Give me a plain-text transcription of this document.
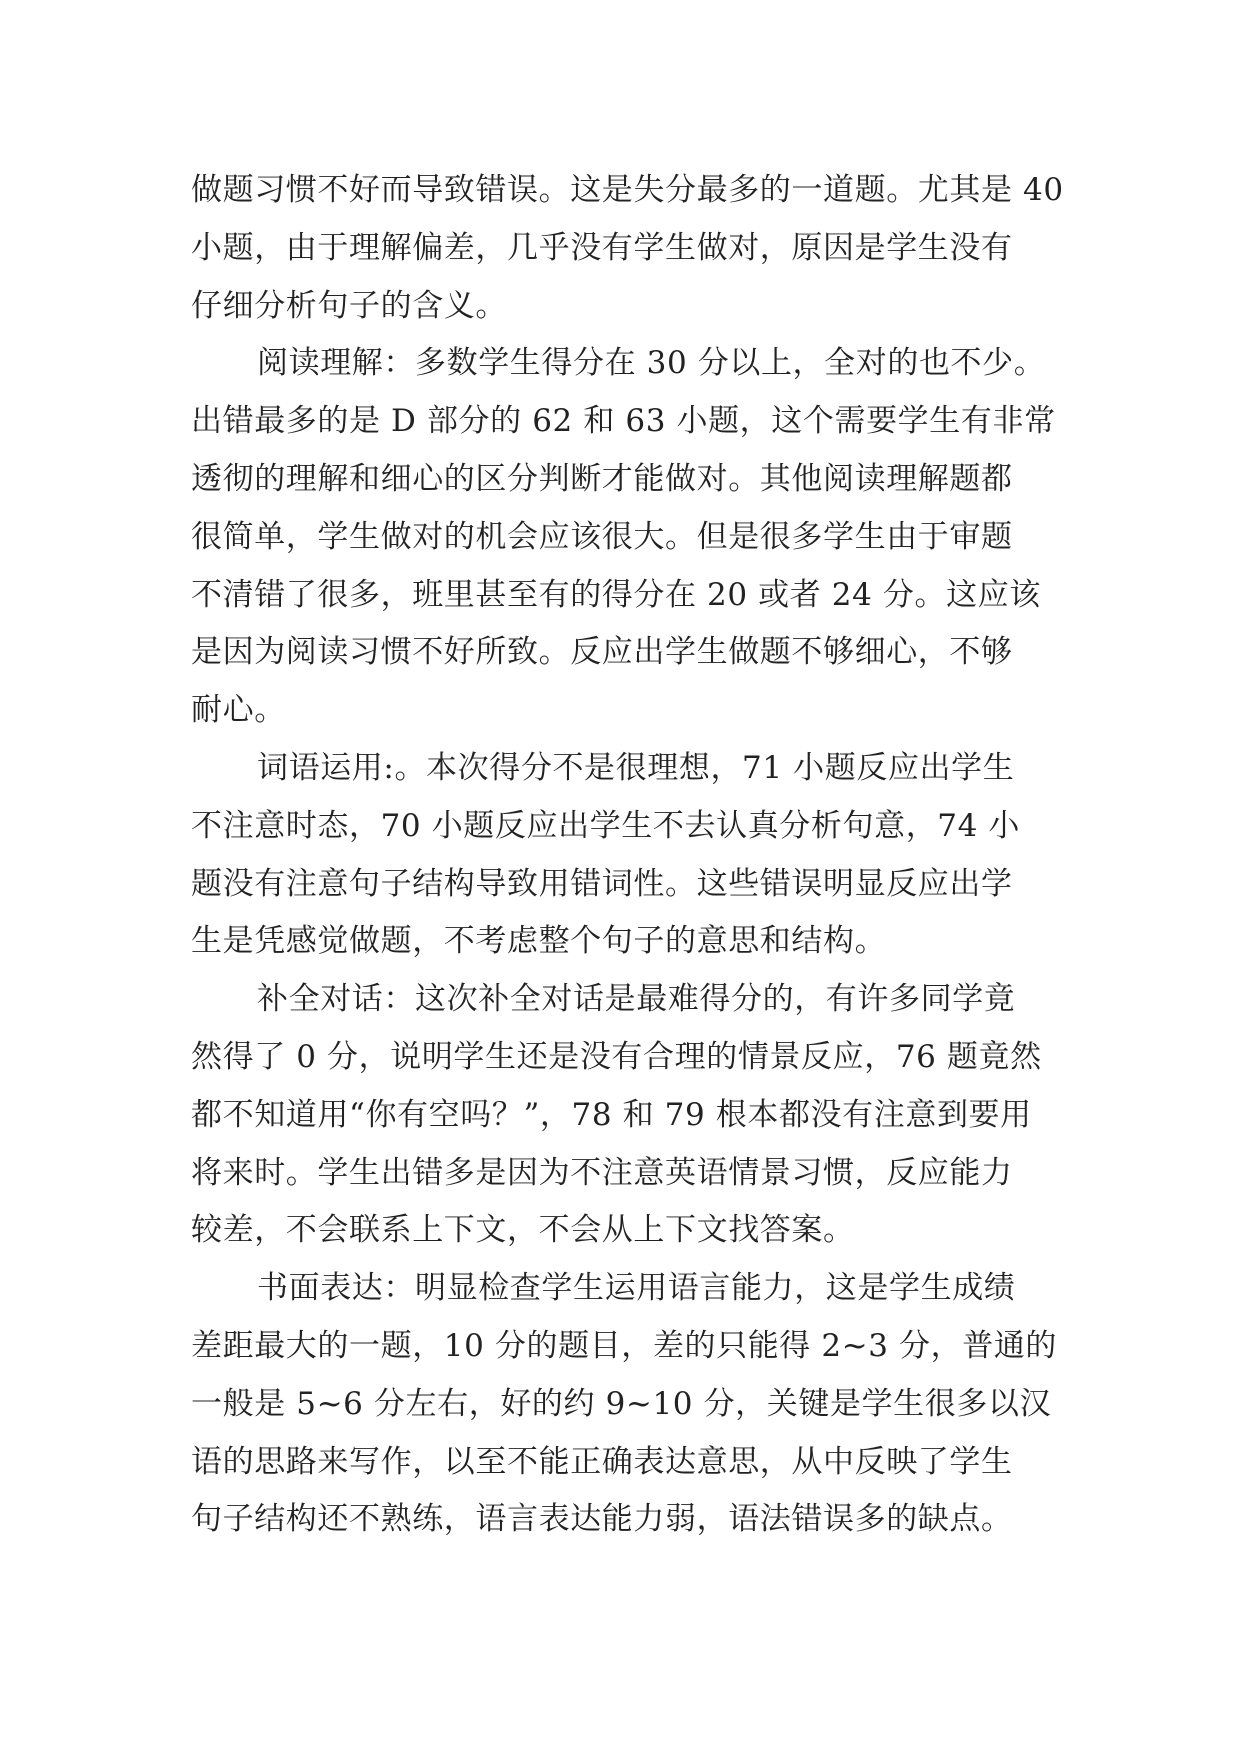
做题习惯不好而导致错误。这是失分最多的一道题。尤其是 40
小题，由于理解偏差，几乎没有学生做对，原因是学生没有
仔细分析句子的含义。
阅读理解：多数学生得分在 30 分以上，全对的也不少。
出错最多的是 D 部分的 62 和 63 小题，这个需要学生有非常
透彻的理解和细心的区分判断才能做对。其他阅读理解题都
很简单，学生做对的机会应该很大。但是很多学生由于审题
不清错了很多，班里甚至有的得分在 20 或者 24 分。这应该
是因为阅读习惯不好所致。反应出学生做题不够细心，不够
耐心。
词语运用:。本次得分不是很理想，71 小题反应出学生
不注意时态，70 小题反应出学生不去认真分析句意，74 小
题没有注意句子结构导致用错词性。这些错误明显反应出学
生是凭感觉做题，不考虑整个句子的意思和结构。
补全对话：这次补全对话是最难得分的，有许多同学竟
然得了 0 分，说明学生还是没有合理的情景反应，76 题竟然
都不知道用“你有空吗？”，78 和 79 根本都没有注意到要用
将来时。学生出错多是因为不注意英语情景习惯，反应能力
较差，不会联系上下文，不会从上下文找答案。
书面表达：明显检查学生运用语言能力，这是学生成绩
差距最大的一题，10 分的题目，差的只能得 2~3 分，普通的
一般是 5~6 分左右，好的约 9~10 分，关键是学生很多以汉
语的思路来写作，以至不能正确表达意思，从中反映了学生
句子结构还不熟练，语言表达能力弱，语法错误多的缺点。
